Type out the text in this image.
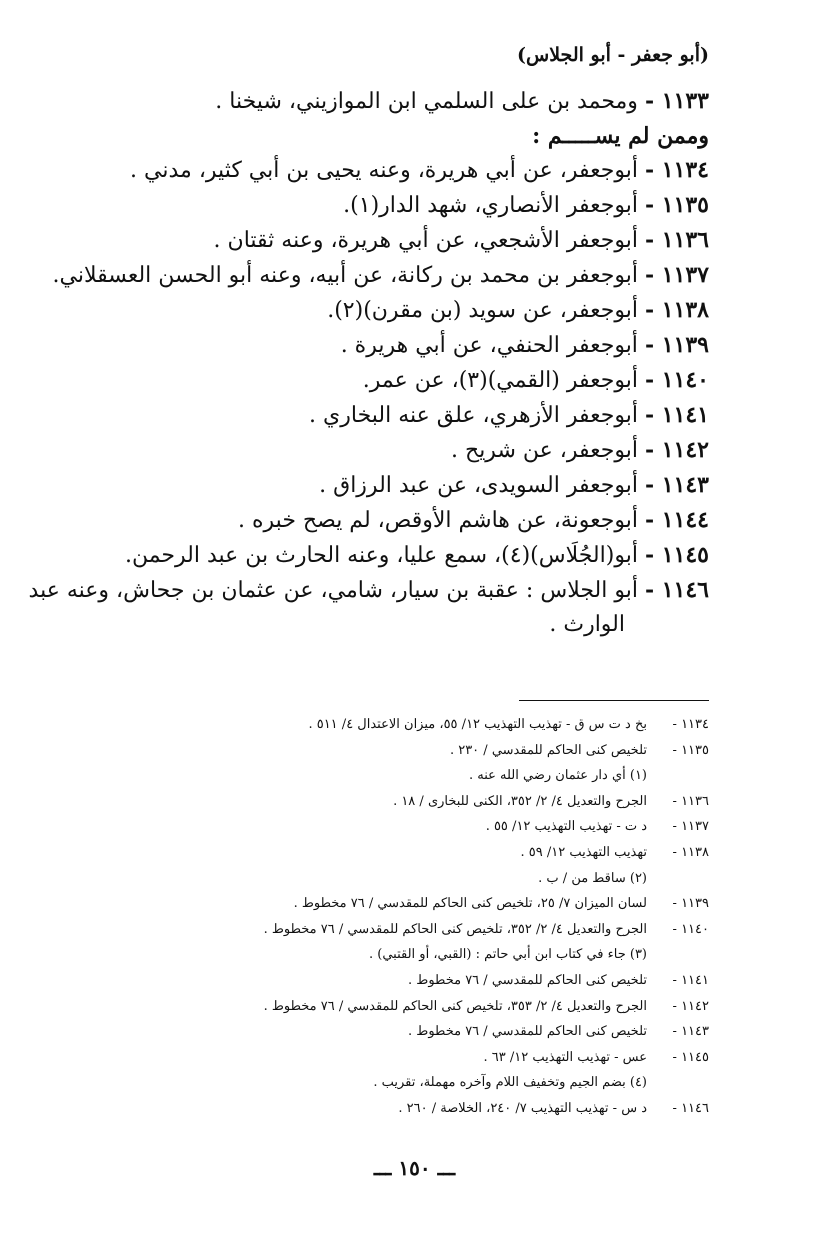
(أبو جعفر - أبو الجلاس)
١١٣٣ - ومحمد بن على السلمي ابن الموازيني، شيخنا .
وممن لم يســـــم :
١١٣٤ - أبوجعفر، عن أبي هريرة، وعنه يحيى بن أبي كثير، مدني .
١١٣٥ - أبوجعفر الأنصاري، شهد الدار(١).
١١٣٦ - أبوجعفر الأشجعي، عن أبي هريرة، وعنه ثقتان .
١١٣٧ - أبوجعفر بن محمد بن ركانة، عن أبيه، وعنه أبو الحسن العسقلاني.
١١٣٨ - أبوجعفر، عن سويد (بن مقرن)(٢).
١١٣٩ - أبوجعفر الحنفي، عن أبي هريرة .
١١٤٠ - أبوجعفر (القمي)(٣)، عن عمر.
١١٤١ - أبوجعفر الأزهري، علق عنه البخاري .
١١٤٢ - أبوجعفر، عن شريح .
١١٤٣ - أبوجعفر السويدى، عن عبد الرزاق .
١١٤٤ - أبوجعونة، عن هاشم الأوقص، لم يصح خبره .
١١٤٥ - أبو(الجُلَاس)(٤)، سمع عليا، وعنه الحارث بن عبد الرحمن.
١١٤٦ - أبو الجلاس : عقبة بن سيار، شامي، عن عثمان بن جحاش، وعنه عبد
الوارث .
١١٣٤ -
بخ د ت س ق - تهذيب التهذيب ١٢/ ٥٥، ميزان الاعتدال ٤/ ٥١١ .
١١٣٥ -
تلخيص كنى الحاكم للمقدسي / ٢٣٠ .
(١) أي دار عثمان رضي الله عنه .
١١٣٦ -
الجرح والتعديل ٤/ ٢/ ٣٥٢، الكنى للبخارى / ١٨ .
١١٣٧ -
د ت - تهذيب التهذيب ١٢/ ٥٥ .
١١٣٨ -
تهذيب التهذيب ١٢/ ٥٩ .
(٢) ساقط من / ب .
١١٣٩ -
لسان الميزان ٧/ ٢٥، تلخيص كنى الحاكم للمقدسي / ٧٦ مخطوط .
١١٤٠ -
الجرح والتعديل ٤/ ٢/ ٣٥٢، تلخيص كنى الحاكم للمقدسي / ٧٦ مخطوط .
(٣) جاء في كتاب ابن أبي حاتم : (القبي، أو القتبي) .
١١٤١ -
تلخيص كنى الحاكم للمقدسي / ٧٦ مخطوط .
١١٤٢ -
الجرح والتعديل ٤/ ٢/ ٣٥٣، تلخيص كنى الحاكم للمقدسي / ٧٦ مخطوط .
١١٤٣ -
تلخيص كنى الحاكم للمقدسي / ٧٦ مخطوط .
١١٤٥ -
عس - تهذيب التهذيب ١٢/ ٦٣ .
(٤) بضم الجيم وتخفيف اللام وآخره مهملة، تقريب .
١١٤٦ -
د س - تهذيب التهذيب ٧/ ٢٤٠، الخلاصة / ٢٦٠ .
ـــ ١٥٠ ـــ
